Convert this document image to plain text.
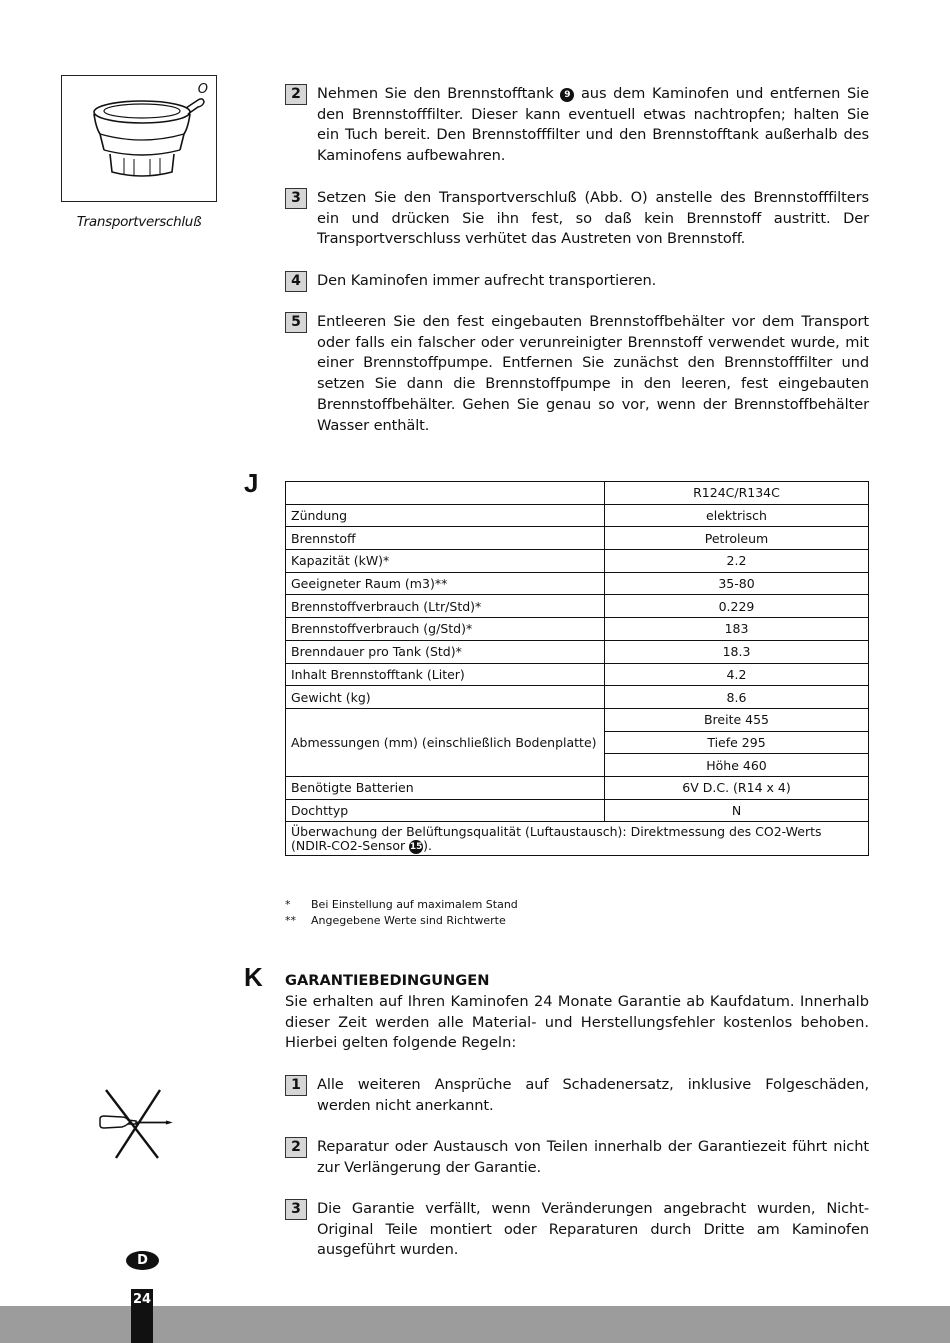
O
Transportverschluß
2	Nehmen Sie den Brennstofftank 9 aus dem Kaminofen und entfernen Sie den Brennstofffilter. Dieser kann eventuell etwas nachtropfen; halten Sie ein Tuch bereit. Den Brennstofffilter und den Brennstofftank außerhalb des Kaminofens aufbewahren.
3	Setzen Sie den Transportverschluß (Abb. O) anstelle des Brennstofffilters ein und drücken Sie ihn fest, so daß kein Brennstoff austritt. Der Transportverschluss verhütet das Austreten von Brennstoff.
4	Den Kaminofen immer aufrecht transportieren.
5	Entleeren Sie den fest eingebauten Brennstoffbehälter vor dem Transport oder falls ein falscher oder verunreinigter Brennstoff verwendet wurde, mit einer Brennstoffpumpe. Entfernen Sie zunächst den Brennstofffilter und setzen Sie dann die Brennstoffpumpe in den leeren, fest eingebauten Brennstoffbehälter. Gehen Sie genau so vor, wenn der Brennstoffbehälter Wasser enthält.
J
		R124C/R134C
Zündung	elektrisch
Brennstoff	Petroleum
Kapazität (kW)*	2.2
Geeigneter Raum (m3)**	35-80
Brennstoffverbrauch (Ltr/Std)*	0.229
Brennstoffverbrauch (g/Std)*	183
Brenndauer pro Tank (Std)*	18.3
Inhalt Brennstofftank (Liter)	4.2
Gewicht (kg)	8.6
Abmessungen (mm) (einschließlich Bodenplatte)	Breite 455
	Tiefe 295
	Höhe 460
Benötigte Batterien	6V D.C. (R14 x 4)
Dochttyp	N
Überwachung der Belüftungsqualität (Luftaustausch): Direktmessung des CO2-Werts (NDIR-CO2-Sensor 15).	
*	Bei Einstellung auf maximalem Stand
**	Angegebene Werte sind Richtwerte
K GARANTIEBEDINGUNGEN
Sie erhalten auf Ihren Kaminofen 24 Monate Garantie ab Kaufdatum. Innerhalb dieser Zeit werden alle Material- und Herstellungsfehler kostenlos behoben. Hierbei gelten folgende Regeln:
1	Alle weiteren Ansprüche auf Schadenersatz, inklusive Folgeschäden, werden nicht anerkannt.
2	Reparatur oder Austausch von Teilen innerhalb der Garantiezeit führt nicht zur Verlängerung der Garantie.
3	Die Garantie verfällt, wenn Veränderungen angebracht wurden, Nicht-Original Teile montiert oder Reparaturen durch Dritte am Kaminofen ausgeführt wurden.
D
24
